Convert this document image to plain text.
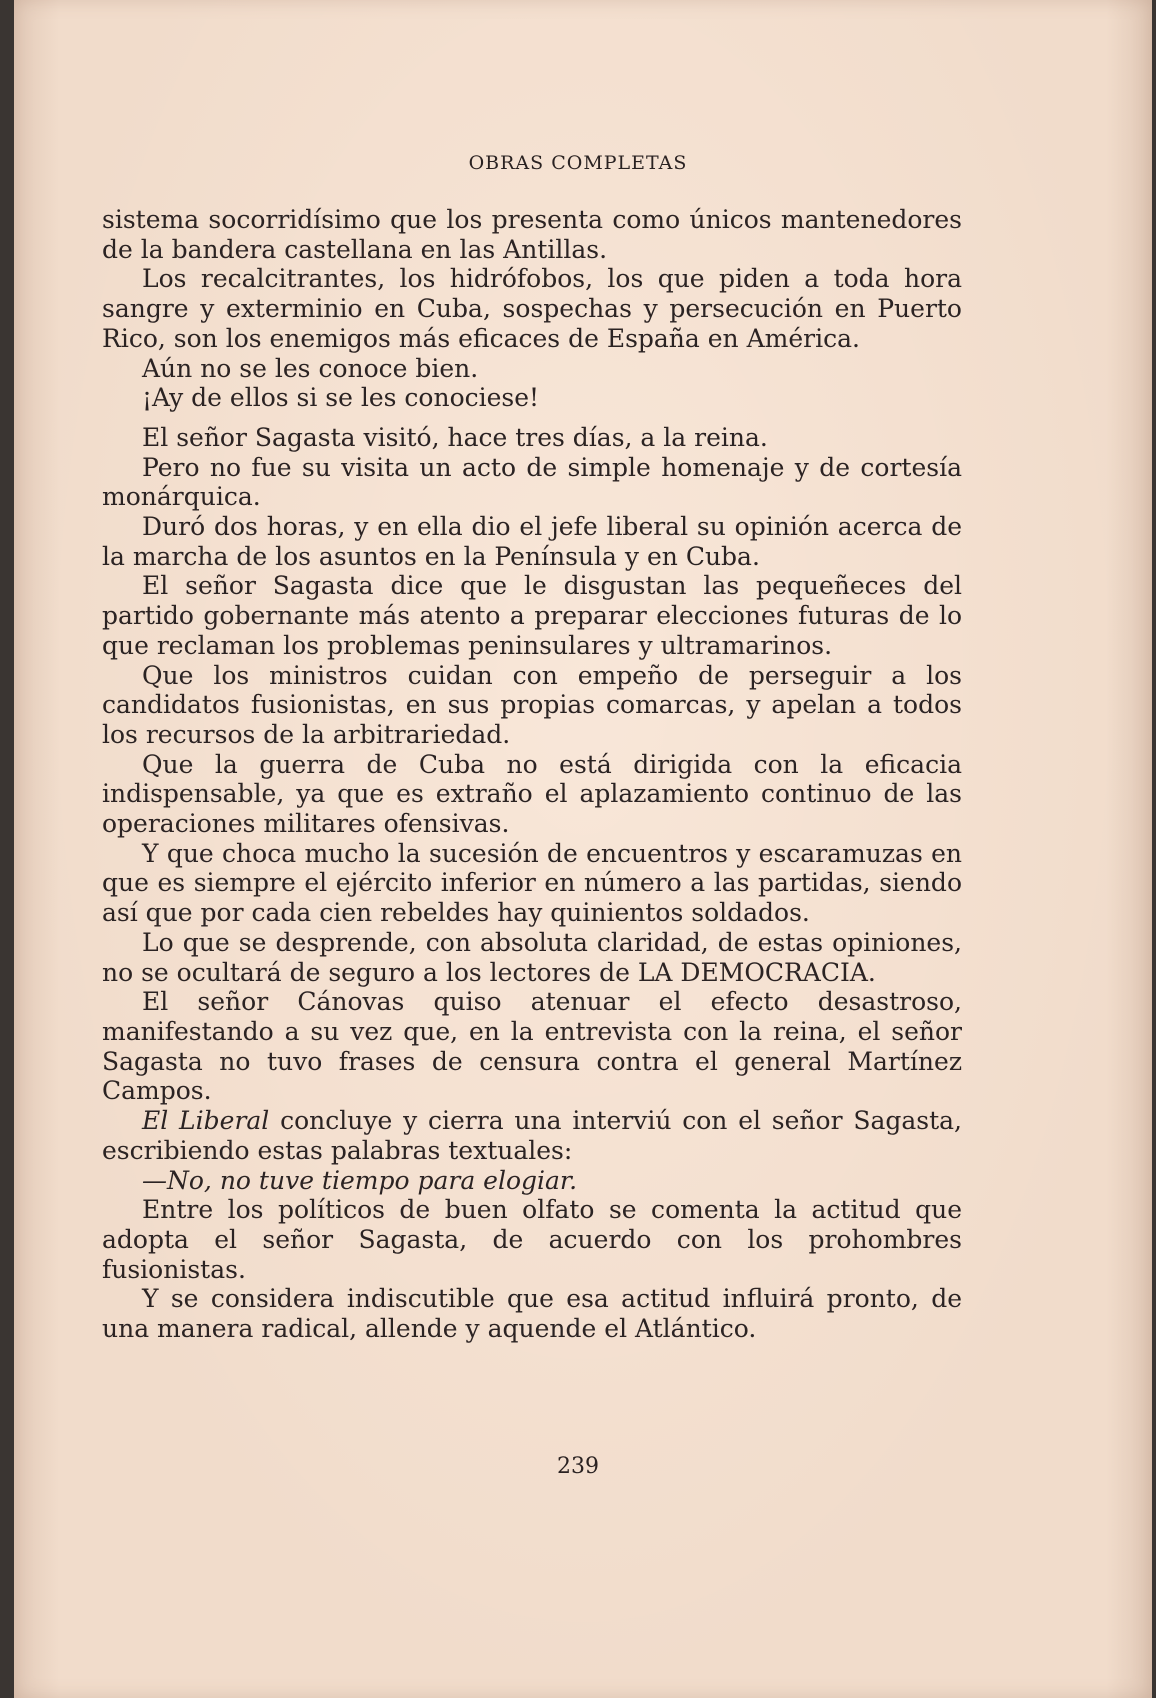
OBRAS COMPLETAS

sistema socorridísimo que los presenta como únicos mantenedores de la bandera castellana en las Antillas.

Los recalcitrantes, los hidrófobos, los que piden a toda hora sangre y exterminio en Cuba, sospechas y persecución en Puerto Rico, son los enemigos más eficaces de España en América.

Aún no se les conoce bien.

¡Ay de ellos si se les conociese!

El señor Sagasta visitó, hace tres días, a la reina.

Pero no fue su visita un acto de simple homenaje y de cortesía monárquica.

Duró dos horas, y en ella dio el jefe liberal su opinión acerca de la marcha de los asuntos en la Península y en Cuba.

El señor Sagasta dice que le disgustan las pequeñeces del partido gobernante más atento a preparar elecciones futuras de lo que reclaman los problemas peninsulares y ultramarinos.

Que los ministros cuidan con empeño de perseguir a los candidatos fusionistas, en sus propias comarcas, y apelan a todos los recursos de la arbitrariedad.

Que la guerra de Cuba no está dirigida con la eficacia indispensable, ya que es extraño el aplazamiento continuo de las operaciones militares ofensivas.

Y que choca mucho la sucesión de encuentros y escaramuzas en que es siempre el ejército inferior en número a las partidas, siendo así que por cada cien rebeldes hay quinientos soldados.

Lo que se desprende, con absoluta claridad, de estas opiniones, no se ocultará de seguro a los lectores de LA DEMOCRACIA.

El señor Cánovas quiso atenuar el efecto desastroso, manifestando a su vez que, en la entrevista con la reina, el señor Sagasta no tuvo frases de censura contra el general Martínez Campos.

El Liberal concluye y cierra una interviú con el señor Sagasta, escribiendo estas palabras textuales:

—No, no tuve tiempo para elogiar.

Entre los políticos de buen olfato se comenta la actitud que adopta el señor Sagasta, de acuerdo con los prohombres fusionistas.

Y se considera indiscutible que esa actitud influirá pronto, de una manera radical, allende y aquende el Atlántico.

239
